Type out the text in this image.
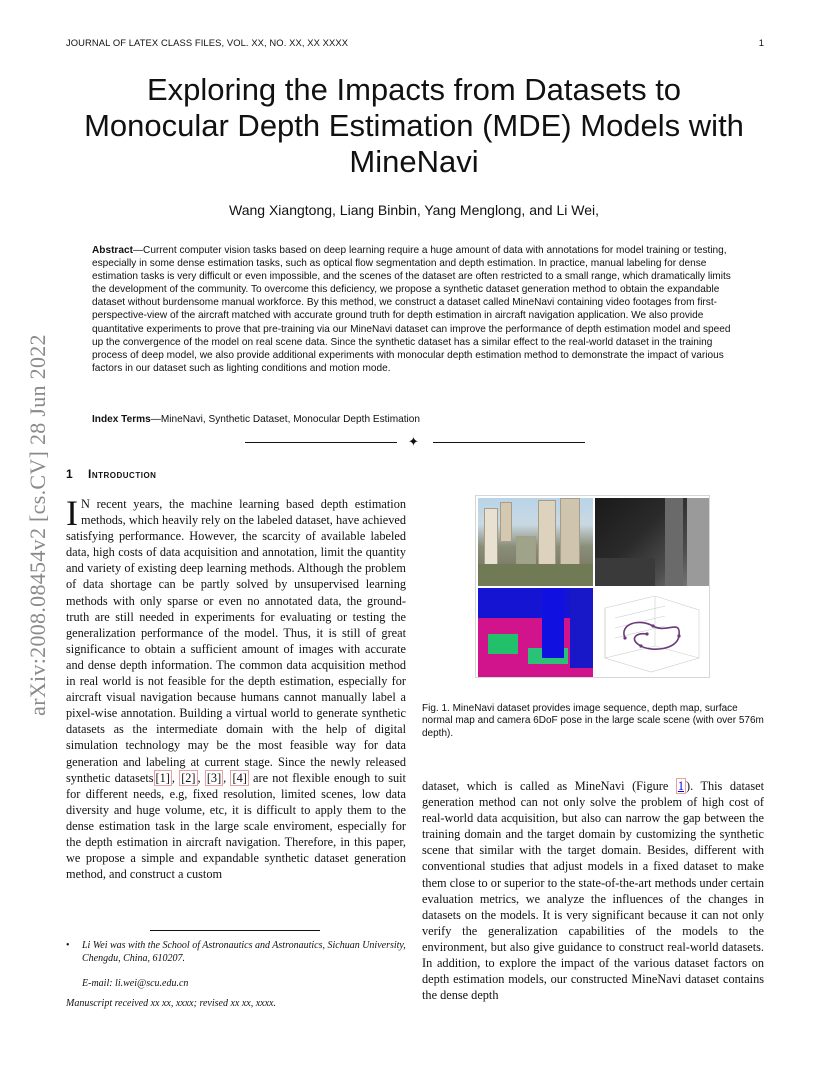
JOURNAL OF LATEX CLASS FILES, VOL. XX, NO. XX, XX XXXX	1
arXiv:2008.08454v2 [cs.CV] 28 Jun 2022
Exploring the Impacts from Datasets to
Monocular Depth Estimation (MDE) Models with
MineNavi
Wang Xiangtong, Liang Binbin, Yang Menglong, and Li Wei,
Abstract—Current computer vision tasks based on deep learning require a huge amount of data with annotations for model training or testing, especially in some dense estimation tasks, such as optical flow segmentation and depth estimation. In practice, manual labeling for dense estimation tasks is very difficult or even impossible, and the scenes of the dataset are often restricted to a small range, which dramatically limits the development of the community. To overcome this deficiency, we propose a synthetic dataset generation method to obtain the expandable dataset without burdensome manual workforce. By this method, we construct a dataset called MineNavi containing video footages from first-perspective-view of the aircraft matched with accurate ground truth for depth estimation in aircraft navigation application. We also provide quantitative experiments to prove that pre-training via our MineNavi dataset can improve the performance of depth estimation model and speed up the convergence of the model on real scene data. Since the synthetic dataset has a similar effect to the real-world dataset in the training process of deep model, we also provide additional experiments with monocular depth estimation method to demonstrate the impact of various factors in our dataset such as lighting conditions and motion mode.
Index Terms—MineNavi, Synthetic Dataset, Monocular Depth Estimation
✦
1 Introduction
I N recent years, the machine learning based depth estimation methods, which heavily rely on the labeled dataset, have achieved satisfying performance. However, the scarcity of available labeled data, high costs of data acquisition and annotation, limit the quantity and variety of existing deep learning methods. Although the problem of data shortage can be partly solved by unsupervised learning methods with only sparse or even no annotated data, the ground-truth are still needed in experiments for evaluating or testing the generalization performance of the model. Thus, it is still of great significance to obtain a sufficient amount of images with accurate and dense depth information. The common data acquisition method in real world is not feasible for the depth estimation, especially for aircraft visual navigation because humans cannot manually label a pixel-wise annotation. Building a virtual world to generate synthetic datasets as the intermediate domain with the help of digital simulation technology may be the most feasible way for data generation and labeling at current stage. Since the newly released synthetic datasets [1] , [2] , [3] , [4] are not flexible enough to suit for different needs, e.g, fixed resolution, limited scenes, low data diversity and huge volume, etc, it is difficult to apply them to the dense estimation task in the large scale enviroment, especially for the depth estimation in aircraft navigation. Therefore, in this paper, we propose a simple and expandable synthetic dataset generation method, and construct a custom
• Li Wei was with the School of Astronautics and Astronautics, Sichuan University, Chengdu, China, 610207.
E-mail: li.wei@scu.edu.cn
Manuscript received xx xx, xxxx; revised xx xx, xxxx.
Fig. 1. MineNavi dataset provides image sequence, depth map, surface normal map and camera 6DoF pose in the large scale scene (with over 576m depth).
dataset, which is called as MineNavi (Figure 1 ). This dataset generation method can not only solve the problem of high cost of real-world data acquisition, but also can narrow the gap between the training domain and the target domain by customizing the synthetic scene that similar with the target domain. Besides, different with conventional studies that adjust models in a fixed dataset to make them close to or superior to the state-of-the-art methods under certain evaluation metrics, we analyze the influences of the changes in datasets on the models. It is very significant because it can not only verify the generalization capabilities of the models to the environment, but also give guidance to construct real-world datasets. In addition, to explore the impact of the various dataset factors on depth estimation models, our constructed MineNavi dataset contains the dense depth
